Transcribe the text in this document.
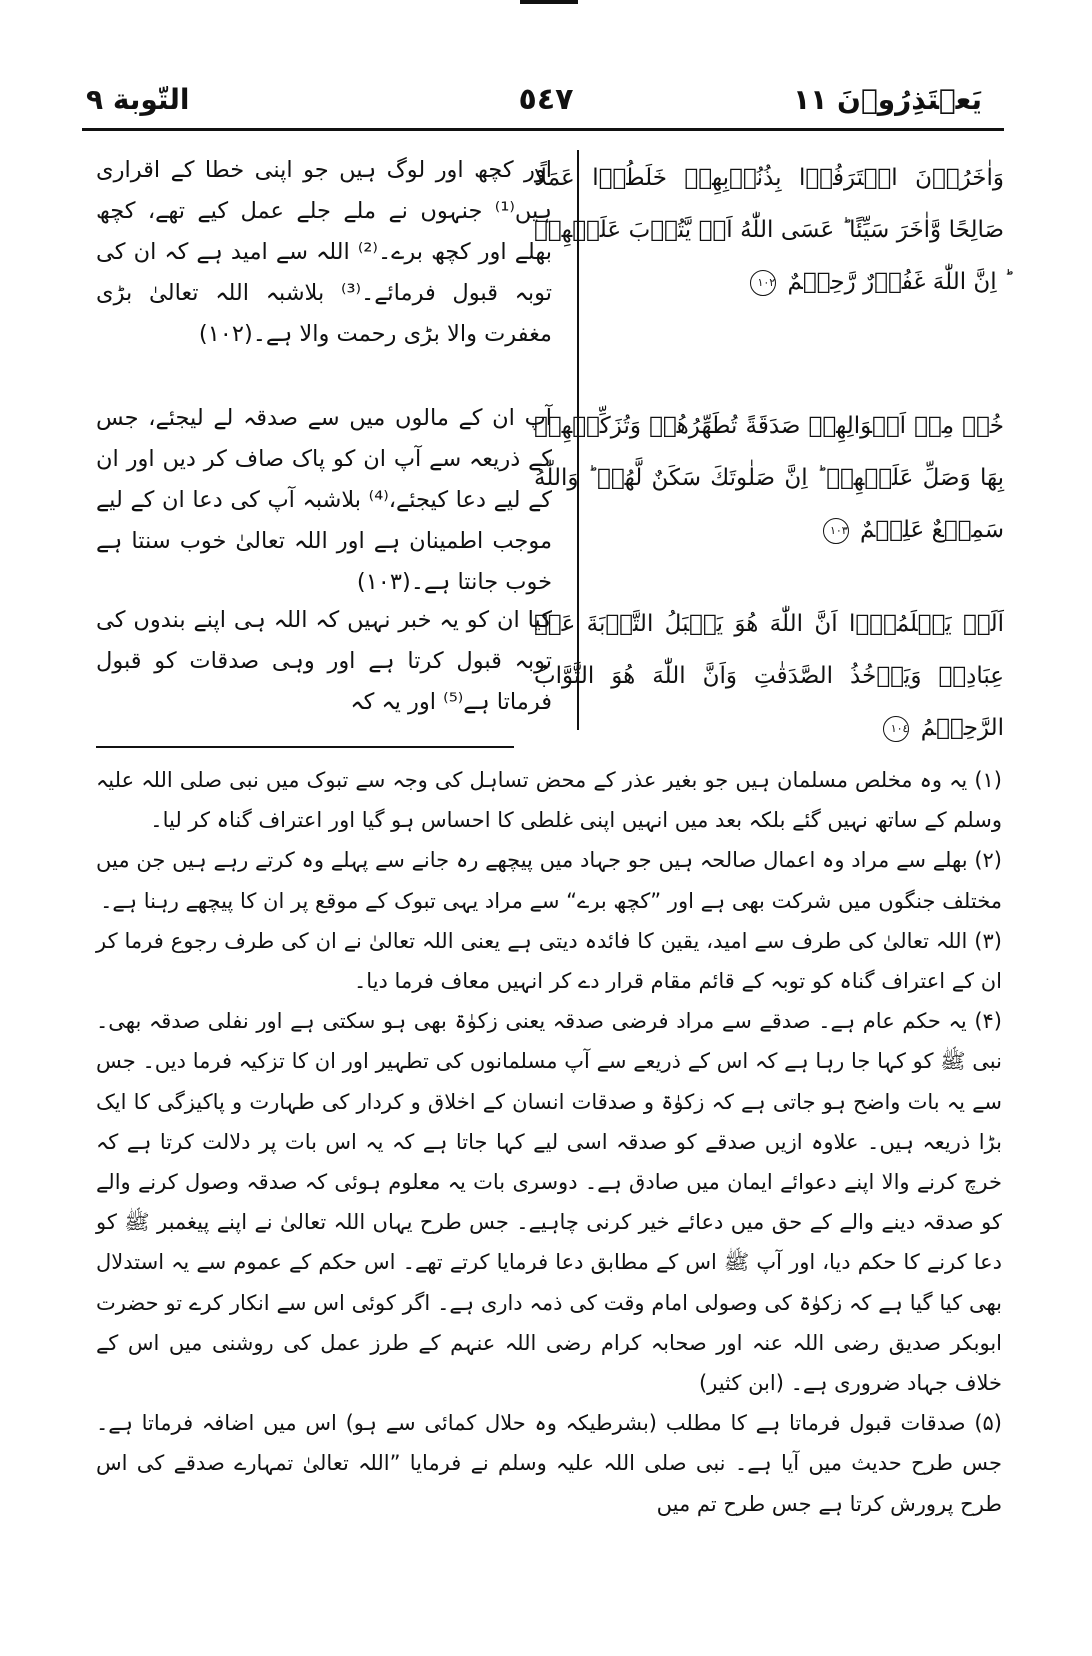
يَعۡتَذِرُوۡنَ ١١
٥٤٧
التّوبة ٩
وَاٰخَرُوۡنَ اعۡتَرَفُوۡا بِذُنُوۡبِهِمۡ خَلَطُوۡا عَمَلًا صَالِحًا وَّاٰخَرَ سَيِّئًا ؕ عَسَى اللّٰهُ اَنۡ يَّتُوۡبَ عَلَيۡهِمۡ ؕ اِنَّ اللّٰهَ غَفُوۡرٌ رَّحِيۡمٌ ١٠٢
اور کچھ اور لوگ ہیں جو اپنی خطا کے اقراری ہیں⁽¹⁾ جنہوں نے ملے جلے عمل کیے تھے، کچھ بھلے اور کچھ برے۔⁽²⁾ اللہ سے امید ہے کہ ان کی توبہ قبول فرمائے۔⁽³⁾ بلاشبہ اللہ تعالیٰ بڑی مغفرت والا بڑی رحمت والا ہے۔(١٠٢)
خُذۡ مِنۡ اَمۡوَالِهِمۡ صَدَقَةً تُطَهِّرُهُمۡ وَتُزَكِّيۡهِمۡ بِهَا وَصَلِّ عَلَيۡهِمۡ ؕ اِنَّ صَلٰوتَكَ سَكَنٌ لَّهُمۡ ؕ وَاللّٰهُ سَمِيۡعٌ عَلِيۡمٌ ١٠٣
آپ ان کے مالوں میں سے صدقہ لے لیجئے، جس کے ذریعہ سے آپ ان کو پاک صاف کر دیں اور ان کے لیے دعا کیجئے،⁽⁴⁾ بلاشبہ آپ کی دعا ان کے لیے موجب اطمینان ہے اور اللہ تعالیٰ خوب سنتا ہے خوب جانتا ہے۔(١٠٣)
اَلَمۡ يَعۡلَمُوۡۤا اَنَّ اللّٰهَ هُوَ يَقۡبَلُ التَّوۡبَةَ عَنۡ عِبَادِهٖ وَيَاۡخُذُ الصَّدَقٰتِ وَاَنَّ اللّٰهَ هُوَ التَّوَّابُ الرَّحِيۡمُ ١٠٤
کیا ان کو یہ خبر نہیں کہ اللہ ہی اپنے بندوں کی توبہ قبول کرتا ہے اور وہی صدقات کو قبول فرماتا ہے⁽⁵⁾ اور یہ کہ

(۱) یہ وہ مخلص مسلمان ہیں جو بغیر عذر کے محض تساہل کی وجہ سے تبوک میں نبی صلی اللہ علیہ وسلم کے ساتھ نہیں گئے بلکہ بعد میں انہیں اپنی غلطی کا احساس ہو گیا اور اعتراف گناہ کر لیا۔

(۲) بھلے سے مراد وہ اعمال صالحہ ہیں جو جہاد میں پیچھے رہ جانے سے پہلے وہ کرتے رہے ہیں جن میں مختلف جنگوں میں شرکت بھی ہے اور ”کچھ برے“ سے مراد یہی تبوک کے موقع پر ان کا پیچھے رہنا ہے۔

(۳) اللہ تعالیٰ کی طرف سے امید، یقین کا فائدہ دیتی ہے یعنی اللہ تعالیٰ نے ان کی طرف رجوع فرما کر ان کے اعتراف گناہ کو توبہ کے قائم مقام قرار دے کر انہیں معاف فرما دیا۔

(۴) یہ حکم عام ہے۔ صدقے سے مراد فرضی صدقہ یعنی زکوٰۃ بھی ہو سکتی ہے اور نفلی صدقہ بھی۔ نبی ﷺ کو کہا جا رہا ہے کہ اس کے ذریعے سے آپ مسلمانوں کی تطہیر اور ان کا تزکیہ فرما دیں۔ جس سے یہ بات واضح ہو جاتی ہے کہ زکوٰۃ و صدقات انسان کے اخلاق و کردار کی طہارت و پاکیزگی کا ایک بڑا ذریعہ ہیں۔ علاوہ ازیں صدقے کو صدقہ اسی لیے کہا جاتا ہے کہ یہ اس بات پر دلالت کرتا ہے کہ خرچ کرنے والا اپنے دعوائے ایمان میں صادق ہے۔ دوسری بات یہ معلوم ہوئی کہ صدقہ وصول کرنے والے کو صدقہ دینے والے کے حق میں دعائے خیر کرنی چاہیے۔ جس طرح یہاں اللہ تعالیٰ نے اپنے پیغمبر ﷺ کو دعا کرنے کا حکم دیا، اور آپ ﷺ اس کے مطابق دعا فرمایا کرتے تھے۔ اس حکم کے عموم سے یہ استدلال بھی کیا گیا ہے کہ زکوٰۃ کی وصولی امام وقت کی ذمہ داری ہے۔ اگر کوئی اس سے انکار کرے تو حضرت ابوبکر صدیق رضی اللہ عنہ اور صحابہ کرام رضی اللہ عنہم کے طرز عمل کی روشنی میں اس کے خلاف جہاد ضروری ہے۔ (ابن کثیر)

(۵) صدقات قبول فرماتا ہے کا مطلب (بشرطیکہ وہ حلال کمائی سے ہو) اس میں اضافہ فرماتا ہے۔ جس طرح حدیث میں آیا ہے۔ نبی صلی اللہ علیہ وسلم نے فرمایا ”اللہ تعالیٰ تمہارے صدقے کی اس طرح پرورش کرتا ہے جس طرح تم میں
